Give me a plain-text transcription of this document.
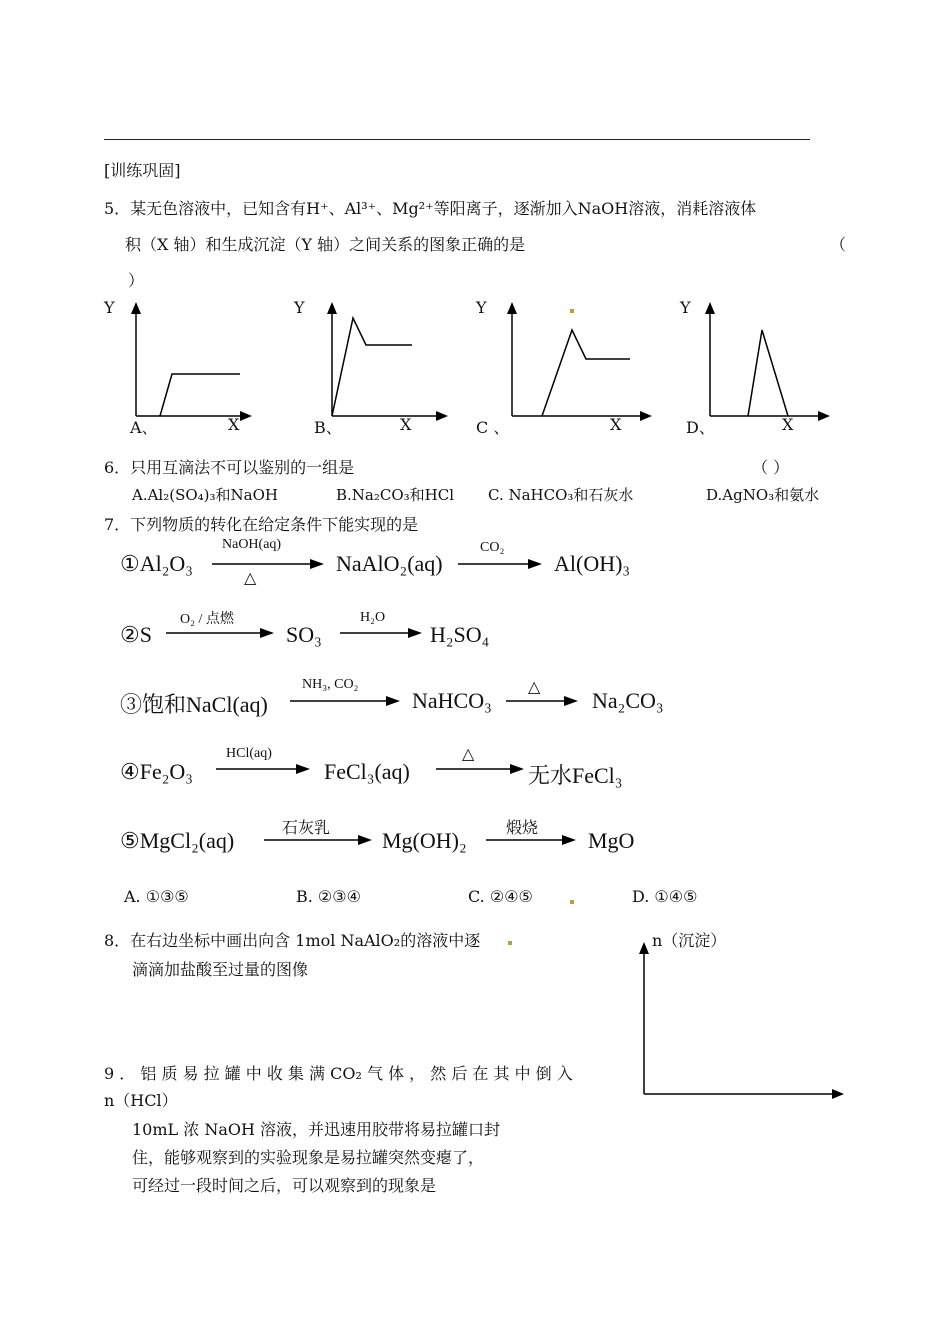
[训练巩固]
5．某无色溶液中，已知含有H⁺、Al³⁺、Mg²⁺等阳离子，逐渐加入NaOH溶液，消耗溶液体
积（X 轴）和生成沉淀（Y 轴）之间关系的图象正确的是	（
）
Y
A、	X
Y
B、	X
Y
C 、	X
Y
D、	X
6．只用互滴法不可以鉴别的一组是	（ ）
A.Al₂(SO₄)₃和NaOH	B.Na₂CO₃和HCl C. NaHCO₃和石灰水	D.AgNO₃和氨水
7．下列物质的转化在给定条件下能实现的是
①Al₂O₃
NaOH(aq)
△
NaAlO₂(aq)
CO₂
Al(OH)₃
②S
O₂ / 点燃
SO₃
H₂O
H₂SO₄
③饱和NaCl(aq)
NH₃, CO₂
NaHCO₃
△
Na₂CO₃
④Fe₂O₃
HCl(aq)
FeCl₃(aq)
△
无水FeCl₃
⑤MgCl₂(aq)	石灰乳 Mg(OH)₂ 煅烧 MgO
A. ①③⑤	B. ②③④	C. ②④⑤	D. ①④⑤
8．在右边坐标中画出向含 1mol NaAlO₂的溶液中逐
滴滴加盐酸至过量的图像
n（沉淀）
9 ． 铝 质 易 拉 罐 中 收 集 满 CO₂ 气 体 ， 然 后 在 其 中 倒 入
n（HCl）
10mL 浓 NaOH 溶液，并迅速用胶带将易拉罐口封
住，能够观察到的实验现象是易拉罐突然变瘪了，
可经过一段时间之后，可以观察到的现象是
